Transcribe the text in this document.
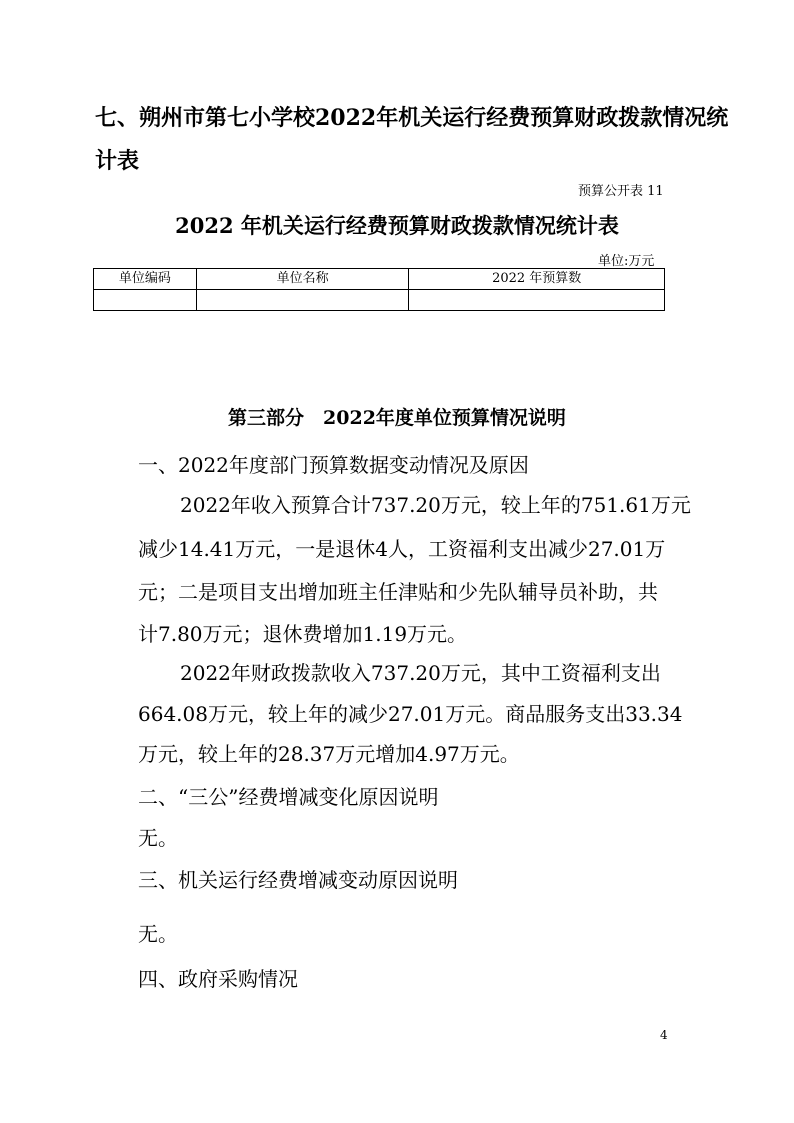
七、朔州市第七小学校2022年机关运行经费预算财政拨款情况统
计表
预算公开表 11
2022 年机关运行经费预算财政拨款情况统计表
单位:万元
单位编码	单位名称	2022 年预算数

第三部分　2022年度单位预算情况说明
一、2022年度部门预算数据变动情况及原因
2022年收入预算合计737.20万元，较上年的751.61万元
减少14.41万元，一是退休4人，工资福利支出减少27.01万
元；二是项目支出增加班主任津贴和少先队辅导员补助，共
计7.80万元；退休费增加1.19万元。
2022年财政拨款收入737.20万元，其中工资福利支出
664.08万元，较上年的减少27.01万元。商品服务支出33.34
万元，较上年的28.37万元增加4.97万元。
二、“三公”经费增减变化原因说明
无。
三、机关运行经费增减变动原因说明
无。
四、政府采购情况
4
